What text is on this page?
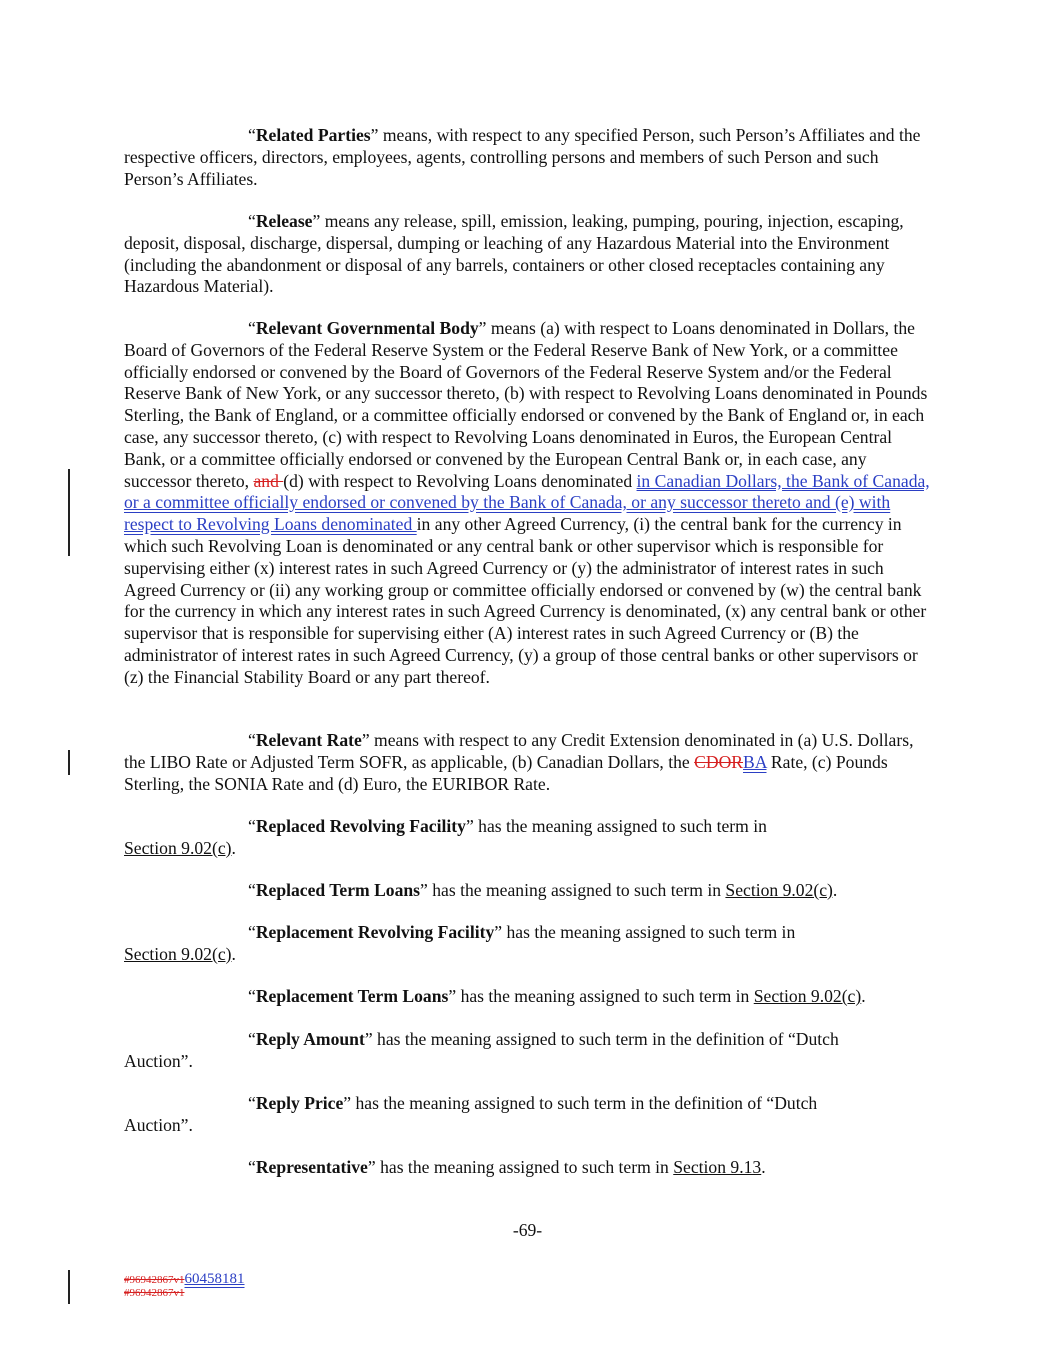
“Related Parties” means, with respect to any specified Person, such Person’s Affiliates and the respective officers, directors, employees, agents, controlling persons and members of such Person and such Person’s Affiliates.
“Release” means any release, spill, emission, leaking, pumping, pouring, injection, escaping, deposit, disposal, discharge, dispersal, dumping or leaching of any Hazardous Material into the Environment (including the abandonment or disposal of any barrels, containers or other closed receptacles containing any Hazardous Material).
“Relevant Governmental Body” means (a) with respect to Loans denominated in Dollars, the Board of Governors of the Federal Reserve System or the Federal Reserve Bank of New York, or a committee officially endorsed or convened by the Board of Governors of the Federal Reserve System and/or the Federal Reserve Bank of New York, or any successor thereto, (b) with respect to Revolving Loans denominated in Pounds Sterling, the Bank of England, or a committee officially endorsed or convened by the Bank of England or, in each case, any successor thereto, (c) with respect to Revolving Loans denominated in Euros, the European Central Bank, or a committee officially endorsed or convened by the European Central Bank or, in each case, any successor thereto, and (d) with respect to Revolving Loans denominated in Canadian Dollars, the Bank of Canada, or a committee officially endorsed or convened by the Bank of Canada, or any successor thereto and (e) with respect to Revolving Loans denominated in any other Agreed Currency, (i) the central bank for the currency in which such Revolving Loan is denominated or any central bank or other supervisor which is responsible for supervising either (x) interest rates in such Agreed Currency or (y) the administrator of interest rates in such Agreed Currency or (ii) any working group or committee officially endorsed or convened by (w) the central bank for the currency in which any interest rates in such Agreed Currency is denominated, (x) any central bank or other supervisor that is responsible for supervising either (A) interest rates in such Agreed Currency or (B) the administrator of interest rates in such Agreed Currency, (y) a group of those central banks or other supervisors or (z) the Financial Stability Board or any part thereof.
“Relevant Rate” means with respect to any Credit Extension denominated in (a) U.S. Dollars, the LIBO Rate or Adjusted Term SOFR, as applicable, (b) Canadian Dollars, the CDORBA Rate, (c) Pounds Sterling, the SONIA Rate and (d) Euro, the EURIBOR Rate.

“Replaced Revolving Facility” has the meaning assigned to such term in

Section 9.02(c).

“Replaced Term Loans” has the meaning assigned to such term in Section 9.02(c).

“Replacement Revolving Facility” has the meaning assigned to such term in

Section 9.02(c).

“Replacement Term Loans” has the meaning assigned to such term in Section 9.02(c).

“Reply Amount” has the meaning assigned to such term in the definition of “Dutch

Auction”.

“Reply Price” has the meaning assigned to such term in the definition of “Dutch

Auction”.

“Representative” has the meaning assigned to such term in Section 9.13.
-69-
#96942867v160458181
#96942867v1
